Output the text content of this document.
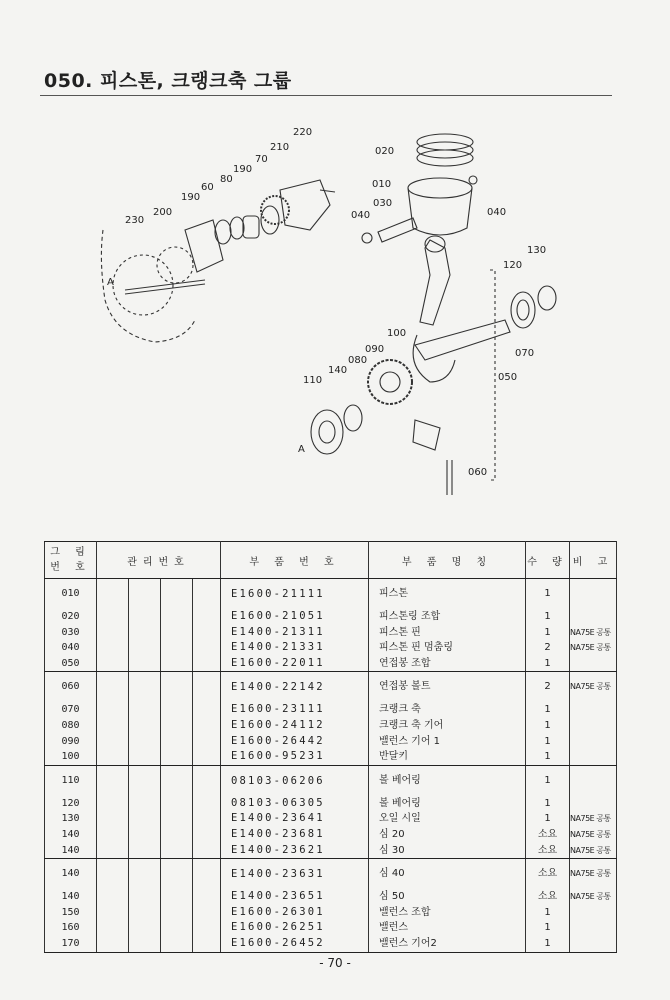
050. 피스톤, 크랭크축 그룹
220
210
70
190
80
60
190
200
230
A
020
010
030
040	040
130
120
100
090
080
140
110
070
050
A
060
그 림
번 호	관리번호				부 품 번 호	부 품 명 칭	수 량	비 고
010					E1600-21111	피스톤	1	
020					E1600-21051	피스톤링 조합	1	
030					E1400-21311	피스톤 핀	1	NA75E 공통
040					E1400-21331	피스톤 핀 멈춤링	2	NA75E 공통
050					E1600-22011	연접봉 조합	1	
060					E1400-22142	연접봉 볼트	2	NA75E 공통
070					E1600-23111	크랭크 축	1	
080					E1600-24112	크랭크 축 기어	1	
090					E1600-26442	밸런스 기어 1	1	
100					E1600-95231	반달키	1	
110					08103-06206	볼 베어링	1	
120					08103-06305	볼 베어링	1	
130					E1400-23641	오일 시일	1	NA75E 공통
140					E1400-23681	심 20	소요	NA75E 공통
140					E1400-23621	심 30	소요	NA75E 공통
140					E1400-23631	심 40	소요	NA75E 공통
140					E1400-23651	심 50	소요	NA75E 공통
150					E1600-26301	밸런스 조합	1	
160					E1600-26251	밸런스	1	
170					E1600-26452	밸런스 기어2	1	
- 70 -
